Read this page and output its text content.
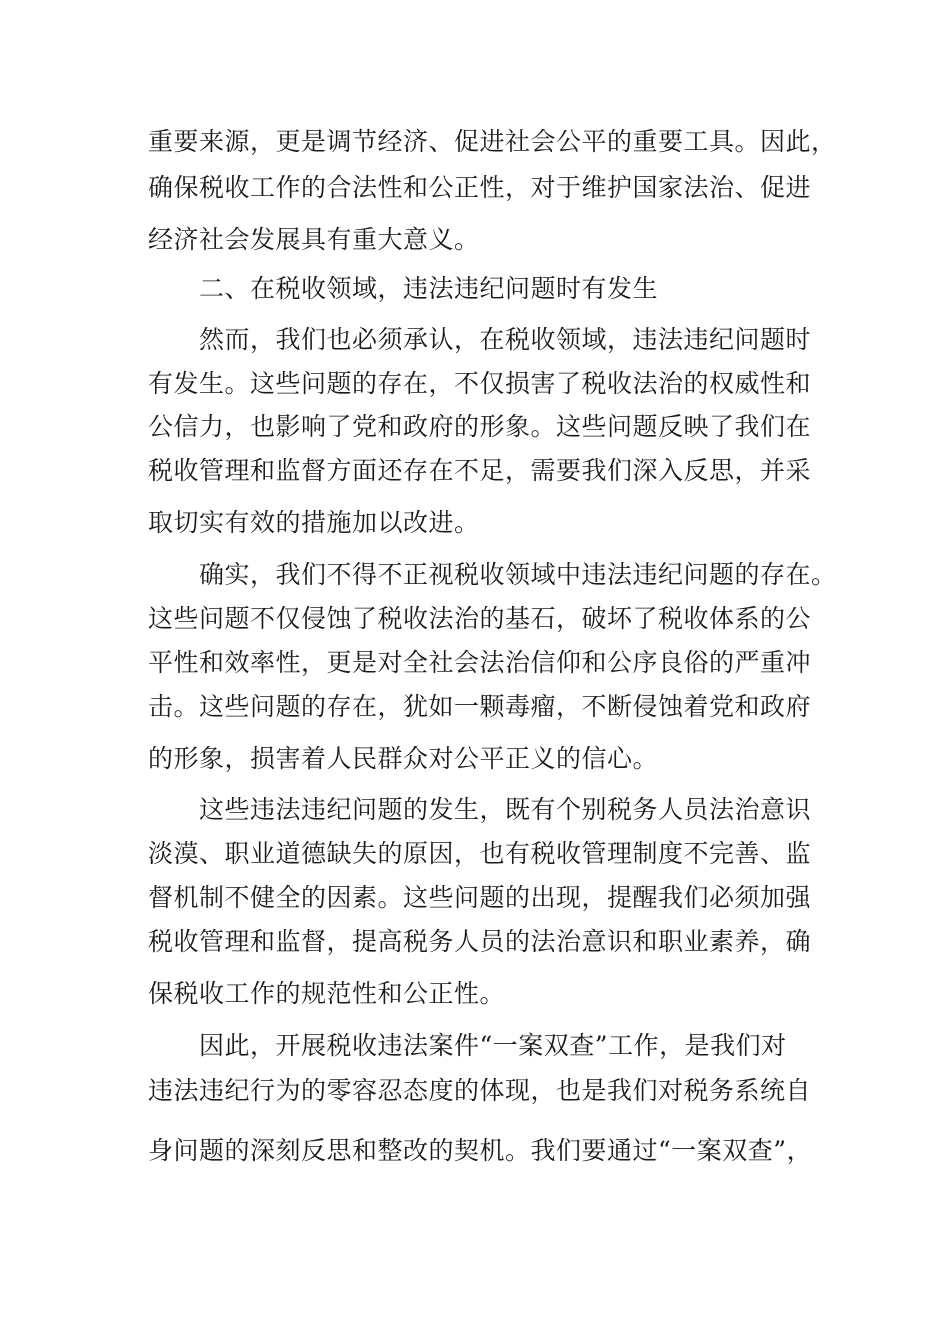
重要来源，更是调节经济、促进社会公平的重要工具。因此，
确保税收工作的合法性和公正性，对于维护国家法治、促进
经济社会发展具有重大意义。
二、在税收领域，违法违纪问题时有发生
然而，我们也必须承认，在税收领域，违法违纪问题时
有发生。这些问题的存在，不仅损害了税收法治的权威性和
公信力，也影响了党和政府的形象。这些问题反映了我们在
税收管理和监督方面还存在不足，需要我们深入反思，并采
取切实有效的措施加以改进。
确实，我们不得不正视税收领域中违法违纪问题的存在。
这些问题不仅侵蚀了税收法治的基石，破坏了税收体系的公
平性和效率性，更是对全社会法治信仰和公序良俗的严重冲
击。这些问题的存在，犹如一颗毒瘤，不断侵蚀着党和政府
的形象，损害着人民群众对公平正义的信心。
这些违法违纪问题的发生，既有个别税务人员法治意识
淡漠、职业道德缺失的原因，也有税收管理制度不完善、监
督机制不健全的因素。这些问题的出现，提醒我们必须加强
税收管理和监督，提高税务人员的法治意识和职业素养，确
保税收工作的规范性和公正性。
因此，开展税收违法案件“一案双查”工作，是我们对
违法违纪行为的零容忍态度的体现，也是我们对税务系统自
身问题的深刻反思和整改的契机。我们要通过“一案双查”，
